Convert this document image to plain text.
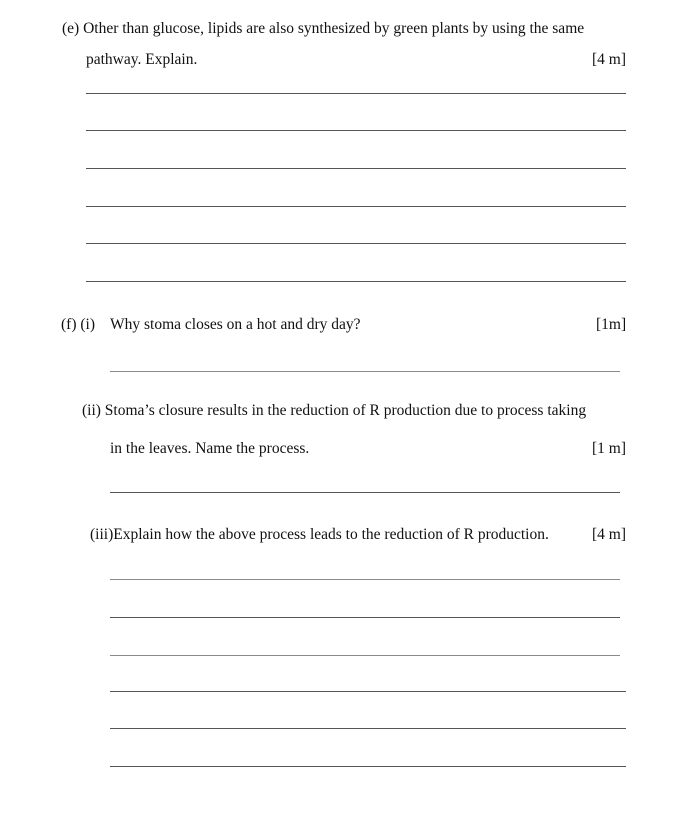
(e) Other than glucose, lipids are also synthesized by green plants by using the same
pathway. Explain.	[4 m]
(f) (i) Why stoma closes on a hot and dry day?	[1m]
(ii) Stoma’s closure results in the reduction of R production due to process taking
in the leaves. Name the process.	[1 m]
(iii)Explain how the above process leads to the reduction of R production.	[4 m]
